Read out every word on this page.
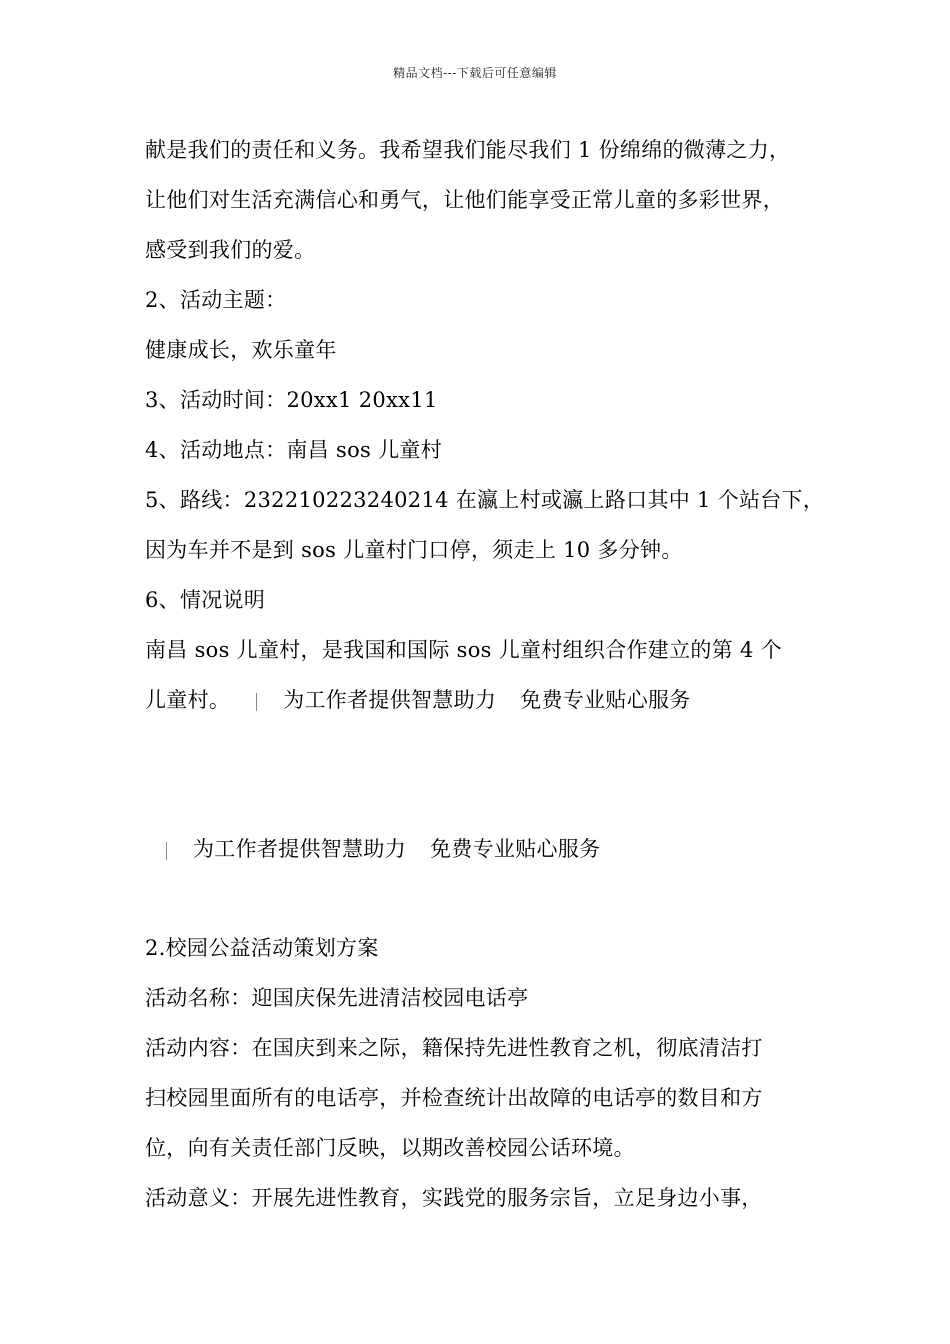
精品文档---下载后可任意编辑
献是我们的责任和义务。我希望我们能尽我们 1 份绵绵的微薄之力，
让他们对生活充满信心和勇气，让他们能享受正常儿童的多彩世界，
感受到我们的爱。
2、活动主题：
健康成长，欢乐童年
3、活动时间：20xx1 20xx11
4、活动地点：南昌 sos 儿童村
5、路线：232210223240214 在瀛上村或瀛上路口其中 1 个站台下，
因为车并不是到 sos 儿童村门口停，须走上 10 多分钟。
6、情况说明
南昌 sos 儿童村，是我国和国际 sos 儿童村组织合作建立的第 4 个
儿童村。	为工作者提供智慧助力 免费专业贴心服务
为工作者提供智慧助力 免费专业贴心服务
2.校园公益活动策划方案
活动名称：迎国庆保先进清洁校园电话亭
活动内容：在国庆到来之际，籍保持先进性教育之机，彻底清洁打
扫校园里面所有的电话亭，并检查统计出故障的电话亭的数目和方
位，向有关责任部门反映，以期改善校园公话环境。
活动意义：开展先进性教育，实践党的服务宗旨，立足身边小事，
